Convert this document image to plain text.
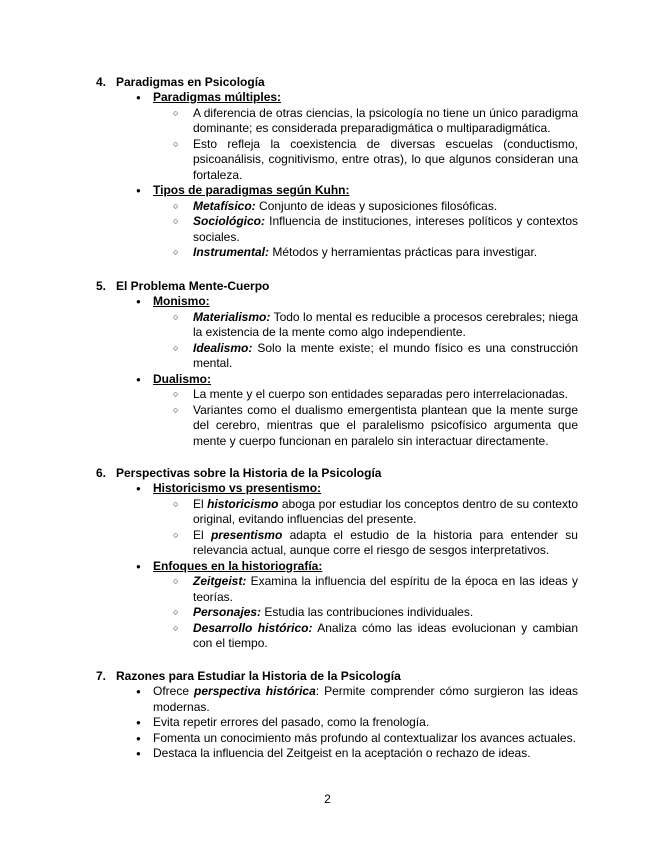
4. Paradigmas en Psicología
● Paradigmas múltiples:
○ A diferencia de otras ciencias, la psicología no tiene un único paradigma dominante; es considerada preparadigmática o multiparadigmática.
○ Esto refleja la coexistencia de diversas escuelas (conductismo, psicoanálisis, cognitivismo, entre otras), lo que algunos consideran una fortaleza.
● Tipos de paradigmas según Kuhn:
○ Metafísico: Conjunto de ideas y suposiciones filosóficas.
○ Sociológico: Influencia de instituciones, intereses políticos y contextos sociales.
○ Instrumental: Métodos y herramientas prácticas para investigar.
5. El Problema Mente-Cuerpo
● Monismo:
○ Materialismo: Todo lo mental es reducible a procesos cerebrales; niega la existencia de la mente como algo independiente.
○ Idealismo: Solo la mente existe; el mundo físico es una construcción mental.
● Dualismo:
○ La mente y el cuerpo son entidades separadas pero interrelacionadas.
○ Variantes como el dualismo emergentista plantean que la mente surge del cerebro, mientras que el paralelismo psicofísico argumenta que mente y cuerpo funcionan en paralelo sin interactuar directamente.
6. Perspectivas sobre la Historia de la Psicología
● Historicismo vs presentismo:
○ El historicismo aboga por estudiar los conceptos dentro de su contexto original, evitando influencias del presente.
○ El presentismo adapta el estudio de la historia para entender su relevancia actual, aunque corre el riesgo de sesgos interpretativos.
● Enfoques en la historiografía:
○ Zeitgeist: Examina la influencia del espíritu de la época en las ideas y teorías.
○ Personajes: Estudia las contribuciones individuales.
○ Desarrollo histórico: Analiza cómo las ideas evolucionan y cambian con el tiempo.
7. Razones para Estudiar la Historia de la Psicología
● Ofrece perspectiva histórica: Permite comprender cómo surgieron las ideas modernas.
● Evita repetir errores del pasado, como la frenología.
● Fomenta un conocimiento más profundo al contextualizar los avances actuales.
● Destaca la influencia del Zeitgeist en la aceptación o rechazo de ideas.
2
